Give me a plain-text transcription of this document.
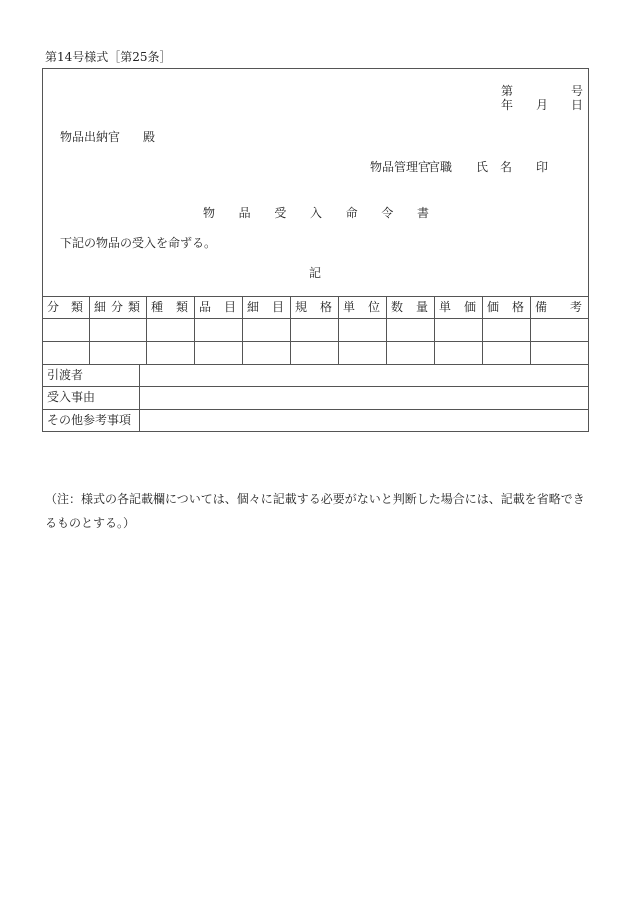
第14号様式［第25条］
第	号
年 月 日
物品出納官 殿
物品管理官
官職 氏　名 印
物 品 受 入 命 令 書
下記の物品の受入を命ずる。
記
分 類 細 分 類 種 類 品 目 細 目 規 格 単 位 数 量 単 価 価 格 備 考
引渡者
受入事由
その他参考事項
（注：様式の各記載欄については、個々に記載する必要がないと判断した場合には、記載を省略できるものとする。）
